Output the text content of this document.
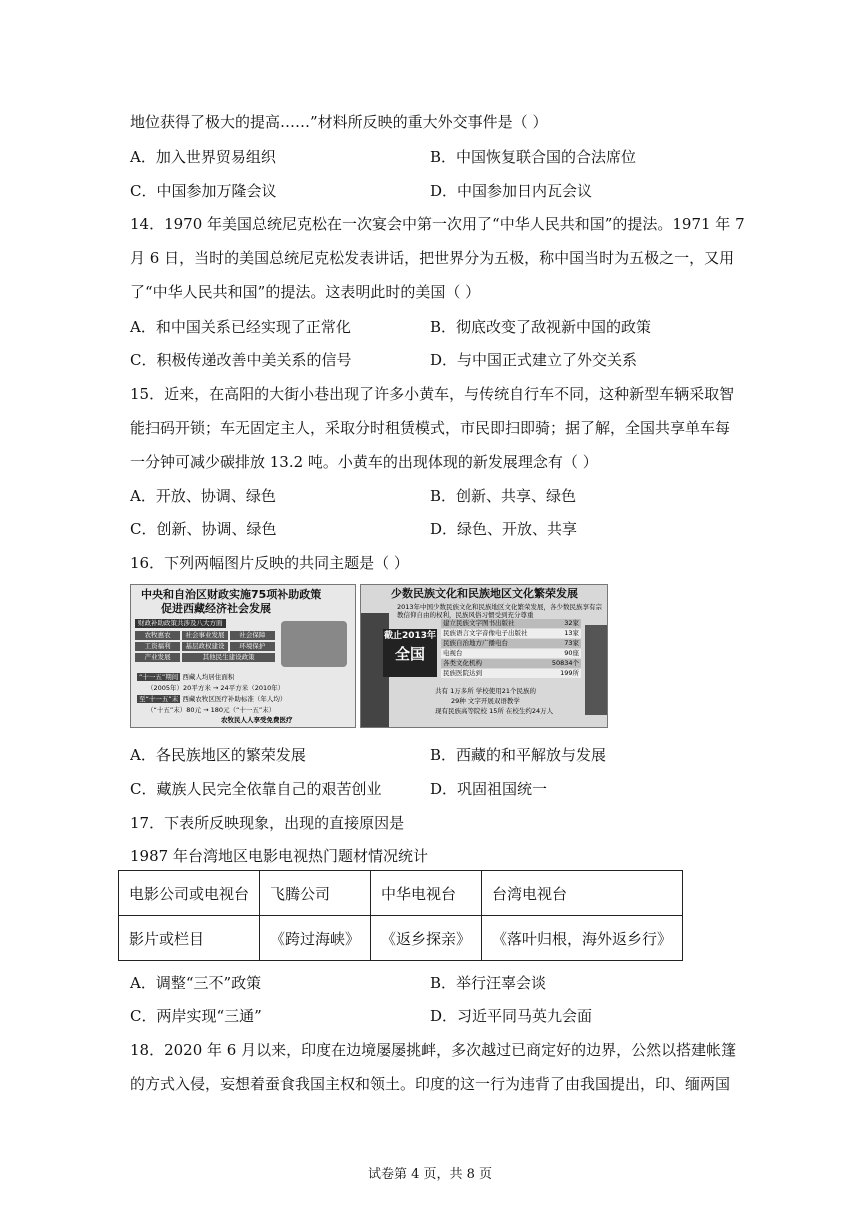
地位获得了极大的提高……”材料所反映的重大外交事件是（ ）
A．加入世界贸易组织	B．中国恢复联合国的合法席位
C．中国参加万隆会议	D．中国参加日内瓦会议
14．1970 年美国总统尼克松在一次宴会中第一次用了“中华人民共和国”的提法。1971 年 7
月 6 日，当时的美国总统尼克松发表讲话，把世界分为五极，称中国当时为五极之一，又用
了“中华人民共和国”的提法。这表明此时的美国（ ）
A．和中国关系已经实现了正常化	B．彻底改变了敌视新中国的政策
C．积极传递改善中美关系的信号	D．与中国正式建立了外交关系
15．近来，在高阳的大街小巷出现了许多小黄车，与传统自行车不同，这种新型车辆采取智
能扫码开锁；车无固定主人，采取分时租赁模式，市民即扫即骑；据了解，全国共享单车每
一分钟可减少碳排放 13.2 吨。小黄车的出现体现的新发展理念有（ ）
A．开放、协调、绿色	B．创新、共享、绿色
C．创新、协调、绿色	D．绿色、开放、共享
16．下列两幅图片反映的共同主题是（ ）
中央和自治区财政实施75项补助政策
促进西藏经济社会发展
财政补助政策共涉及八大方面
农牧惠农	社会事业发展	社会保障
工资福利	基层政权建设	环境保护
产业发展	其他民生建设政策
“十一五”期间 西藏人均居住面积
（2005年）20平方米 → 24平方米（2010年）
至“十一五”末 西藏农牧区医疗补助标准（年人均）
（“十五”末）80元 → 180元（“十一五”末）
农牧民人人享受免费医疗
少数民族文化和民族地区文化繁荣发展
2013年中国少数民族文化和民族地区文化繁荣发展，各少数民族享有宗教信仰自由的权利，民族风俗习惯受到充分尊重
截止2013年
全国
建立民族文字图书出版社	32家
民族语言文字音像电子出版社	13家
民族自治地方广播电台	73家
电视台	90座
各类文化机构	50834个
民族医院达到	199所
共有 1万多所 学校使用21个民族的
29种 文字开展双语教学
现有民族高等院校 15所 在校生约24万人
A．各民族地区的繁荣发展	B．西藏的和平解放与发展
C．藏族人民完全依靠自己的艰苦创业	D．巩固祖国统一
17．下表所反映现象，出现的直接原因是
1987 年台湾地区电影电视热门题材情况统计
电影公司或电视台	飞腾公司	中华电视台	台湾电视台
影片或栏目	《跨过海峡》	《返乡探亲》	《落叶归根，海外返乡行》
A．调整“三不”政策	B．举行汪辜会谈
C．两岸实现“三通”	D．习近平同马英九会面
18．2020 年 6 月以来，印度在边境屡屡挑衅，多次越过已商定好的边界，公然以搭建帐篷
的方式入侵，妄想着蚕食我国主权和领土。印度的这一行为违背了由我国提出，印、缅两国
试卷第 4 页，共 8 页
